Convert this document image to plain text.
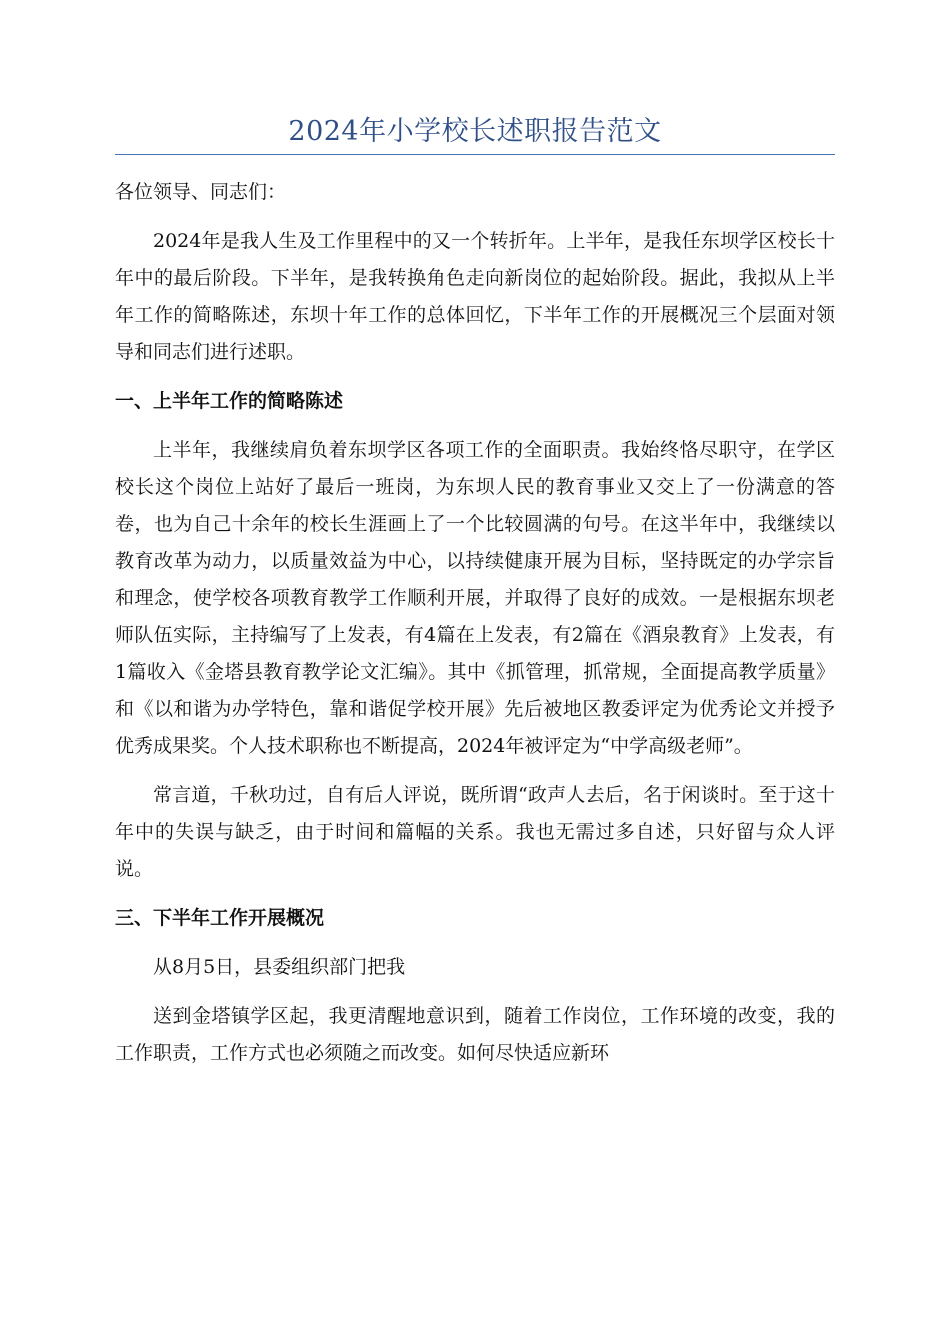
2024年小学校长述职报告范文

各位领导、同志们：

2024年是我人生及工作里程中的又一个转折年。上半年，是我任东坝学区校长十年中的最后阶段。下半年，是我转换角色走向新岗位的起始阶段。据此，我拟从上半年工作的简略陈述，东坝十年工作的总体回忆，下半年工作的开展概况三个层面对领导和同志们进行述职。

一、上半年工作的简略陈述

上半年，我继续肩负着东坝学区各项工作的全面职责。我始终恪尽职守，在学区校长这个岗位上站好了最后一班岗，为东坝人民的教育事业又交上了一份满意的答卷，也为自己十余年的校长生涯画上了一个比较圆满的句号。在这半年中，我继续以教育改革为动力，以质量效益为中心，以持续健康开展为目标，坚持既定的办学宗旨和理念，使学校各项教育教学工作顺利开展，并取得了良好的成效。一是根据东坝老师队伍实际，主持编写了上发表，有4篇在上发表，有2篇在《酒泉教育》上发表，有1篇收入《金塔县教育教学论文汇编》。其中《抓管理，抓常规，全面提高教学质量》和《以和谐为办学特色，靠和谐促学校开展》先后被地区教委评定为优秀论文并授予优秀成果奖。个人技术职称也不断提高，2024年被评定为“中学高级老师”。

常言道，千秋功过，自有后人评说，既所谓“政声人去后，名于闲谈时。至于这十年中的失误与缺乏，由于时间和篇幅的关系。我也无需过多自述，只好留与众人评说。

三、下半年工作开展概况

从8月5日，县委组织部门把我

送到金塔镇学区起，我更清醒地意识到，随着工作岗位，工作环境的改变，我的工作职责，工作方式也必须随之而改变。如何尽快适应新环
